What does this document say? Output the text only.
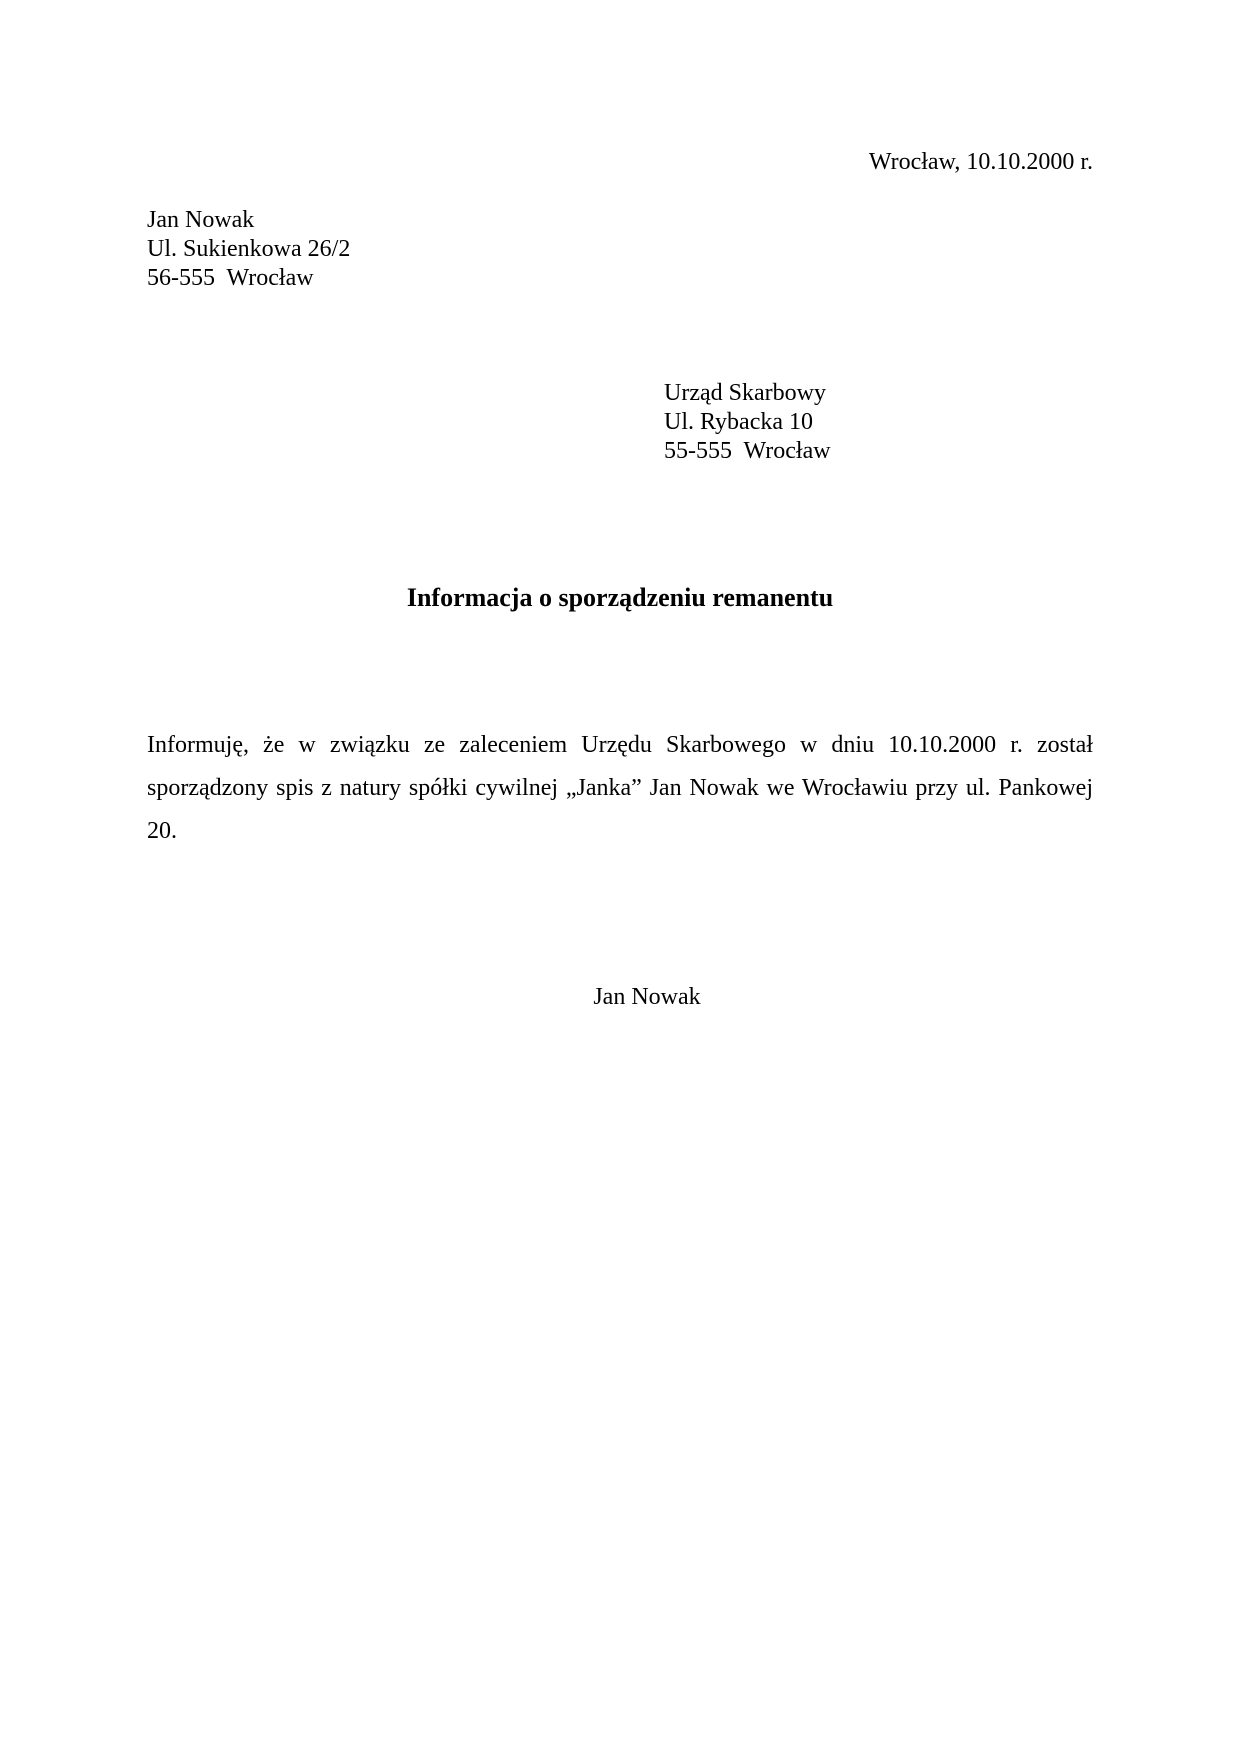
Wrocław, 10.10.2000 r.
Jan Nowak
Ul. Sukienkowa 26/2
56-555  Wrocław
Urząd Skarbowy
Ul. Rybacka 10
55-555  Wrocław
Informacja o sporządzeniu remanentu

Informuję, że w związku ze zaleceniem Urzędu Skarbowego w dniu 10.10.2000 r. został sporządzony spis z natury spółki cywilnej „Janka” Jan Nowak we Wrocławiu przy ul. Pankowej 20.

Jan Nowak
